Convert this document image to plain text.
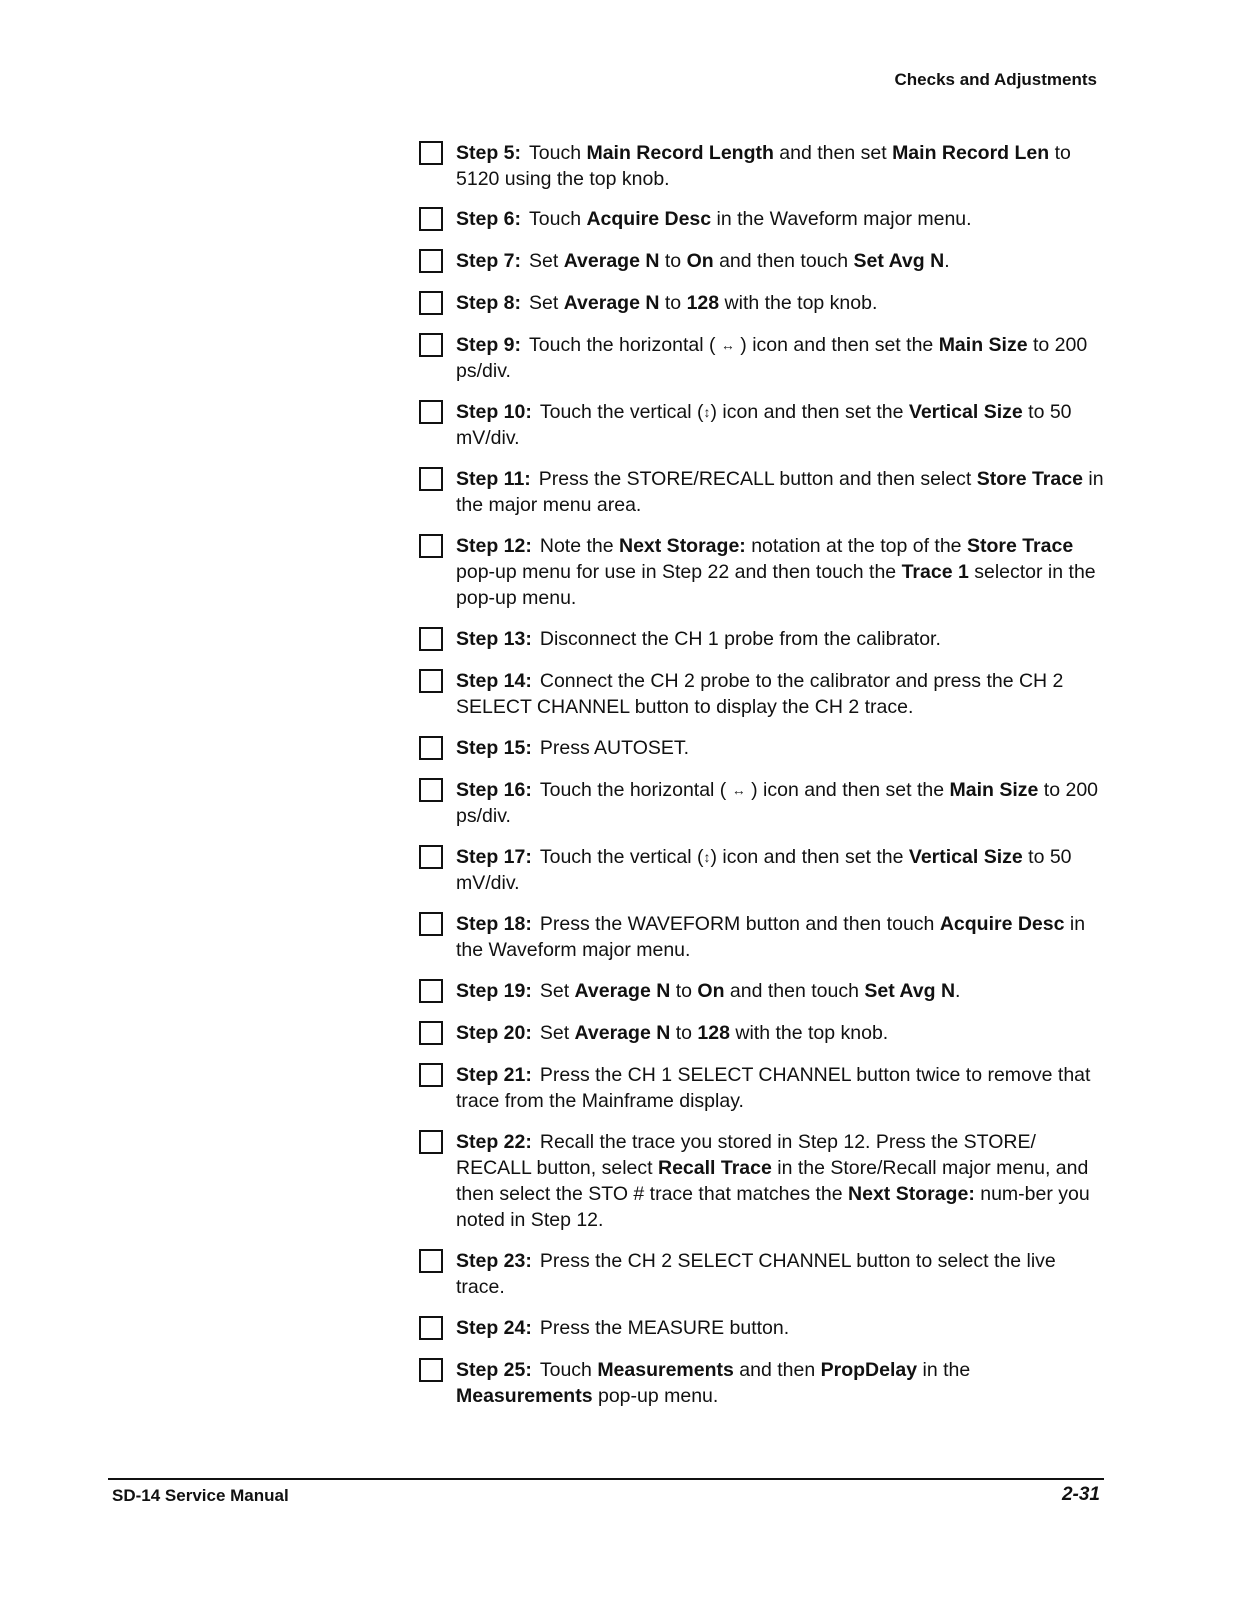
Checks and Adjustments
Step 5: Touch Main Record Length and then set Main Record Len to 5120 using the top knob.
Step 6: Touch Acquire Desc in the Waveform major menu.
Step 7: Set Average N to On and then touch Set Avg N.
Step 8: Set Average N to 128 with the top knob.
Step 9: Touch the horizontal ( ↔ ) icon and then set the Main Size to 200 ps/div.
Step 10: Touch the vertical (↕) icon and then set the Vertical Size to 50 mV/div.
Step 11: Press the STORE/RECALL button and then select Store Trace in the major menu area.
Step 12: Note the Next Storage: notation at the top of the Store Trace pop-up menu for use in Step 22 and then touch the Trace 1 selector in the pop-up menu.
Step 13: Disconnect the CH 1 probe from the calibrator.
Step 14: Connect the CH 2 probe to the calibrator and press the CH 2 SELECT CHANNEL button to display the CH 2 trace.
Step 15: Press AUTOSET.
Step 16: Touch the horizontal ( ↔ ) icon and then set the Main Size to 200 ps/div.
Step 17: Touch the vertical (↕) icon and then set the Vertical Size to 50 mV/div.
Step 18: Press the WAVEFORM button and then touch Acquire Desc in the Waveform major menu.
Step 19: Set Average N to On and then touch Set Avg N.
Step 20: Set Average N to 128 with the top knob.
Step 21: Press the CH 1 SELECT CHANNEL button twice to remove that trace from the Mainframe display.
Step 22: Recall the trace you stored in Step 12. Press the STORE/ RECALL button, select Recall Trace in the Store/Recall major menu, and then select the STO # trace that matches the Next Storage: num-ber you noted in Step 12.
Step 23: Press the CH 2 SELECT CHANNEL button to select the live trace.
Step 24: Press the MEASURE button.
Step 25: Touch Measurements and then PropDelay in the Measurements pop-up menu.
SD-14 Service Manual	2-31
